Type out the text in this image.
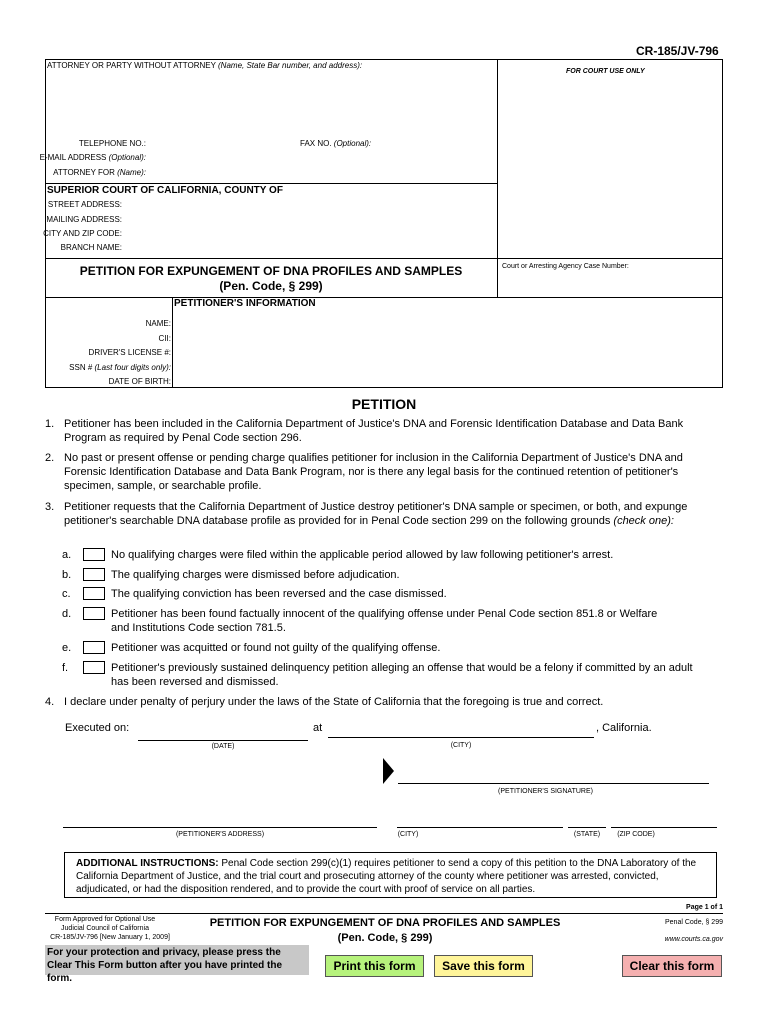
CR-185/JV-796
ATTORNEY OR PARTY WITHOUT ATTORNEY (Name, State Bar number, and address):
FOR COURT USE ONLY
TELEPHONE NO.:	FAX NO. (Optional):
E-MAIL ADDRESS (Optional):
ATTORNEY FOR (Name):
SUPERIOR COURT OF CALIFORNIA, COUNTY OF
STREET ADDRESS:
MAILING ADDRESS:
CITY AND ZIP CODE:
BRANCH NAME:
PETITION FOR EXPUNGEMENT OF DNA PROFILES AND SAMPLES
(Pen. Code, § 299)
Court or Arresting Agency Case Number:
PETITIONER'S INFORMATION
NAME:
CII:
DRIVER'S LICENSE #:
SSN # (Last four digits only):
DATE OF BIRTH:
PETITION
1. Petitioner has been included in the California Department of Justice's DNA and Forensic Identification Database and Data Bank Program as required by Penal Code section 296.
2. No past or present offense or pending charge qualifies petitioner for inclusion in the California Department of Justice's DNA and Forensic Identification Database and Data Bank Program, nor is there any legal basis for the continued retention of petitioner's specimen, sample, or searchable profile.
3. Petitioner requests that the California Department of Justice destroy petitioner's DNA sample or specimen, or both, and expunge petitioner's searchable DNA database profile as provided for in Penal Code section 299 on the following grounds (check one):
a.	No qualifying charges were filed within the applicable period allowed by law following petitioner's arrest.
b.	The qualifying charges were dismissed before adjudication.
c.	The qualifying conviction has been reversed and the case dismissed.
d.	Petitioner has been found factually innocent of the qualifying offense under Penal Code section 851.8 or Welfare and Institutions Code section 781.5.
e.	Petitioner was acquitted or found not guilty of the qualifying offense.
f.	Petitioner's previously sustained delinquency petition alleging an offense that would be a felony if committed by an adult has been reversed and dismissed.
4. I declare under penalty of perjury under the laws of the State of California that the foregoing is true and correct.
Executed on:	at	, California.
(DATE)	(CITY)
(PETITIONER'S SIGNATURE)
(PETITIONER'S ADDRESS)	(CITY)	(STATE)	(ZIP CODE)
ADDITIONAL INSTRUCTIONS: Penal Code section 299(c)(1) requires petitioner to send a copy of this petition to the DNA Laboratory of the California Department of Justice, and the trial court and prosecuting attorney of the county where petitioner was arrested, convicted, adjudicated, or had the disposition rendered, and to provide the court with proof of service on all parties.
Page 1 of 1
Form Approved for Optional Use
Judicial Council of California
CR-185/JV-796 [New January 1, 2009]
PETITION FOR EXPUNGEMENT OF DNA PROFILES AND SAMPLES
(Pen. Code, § 299)
Penal Code, § 299
www.courts.ca.gov
For your protection and privacy, please press the Clear This Form button after you have printed the form.
Print this form	Save this form	Clear this form
